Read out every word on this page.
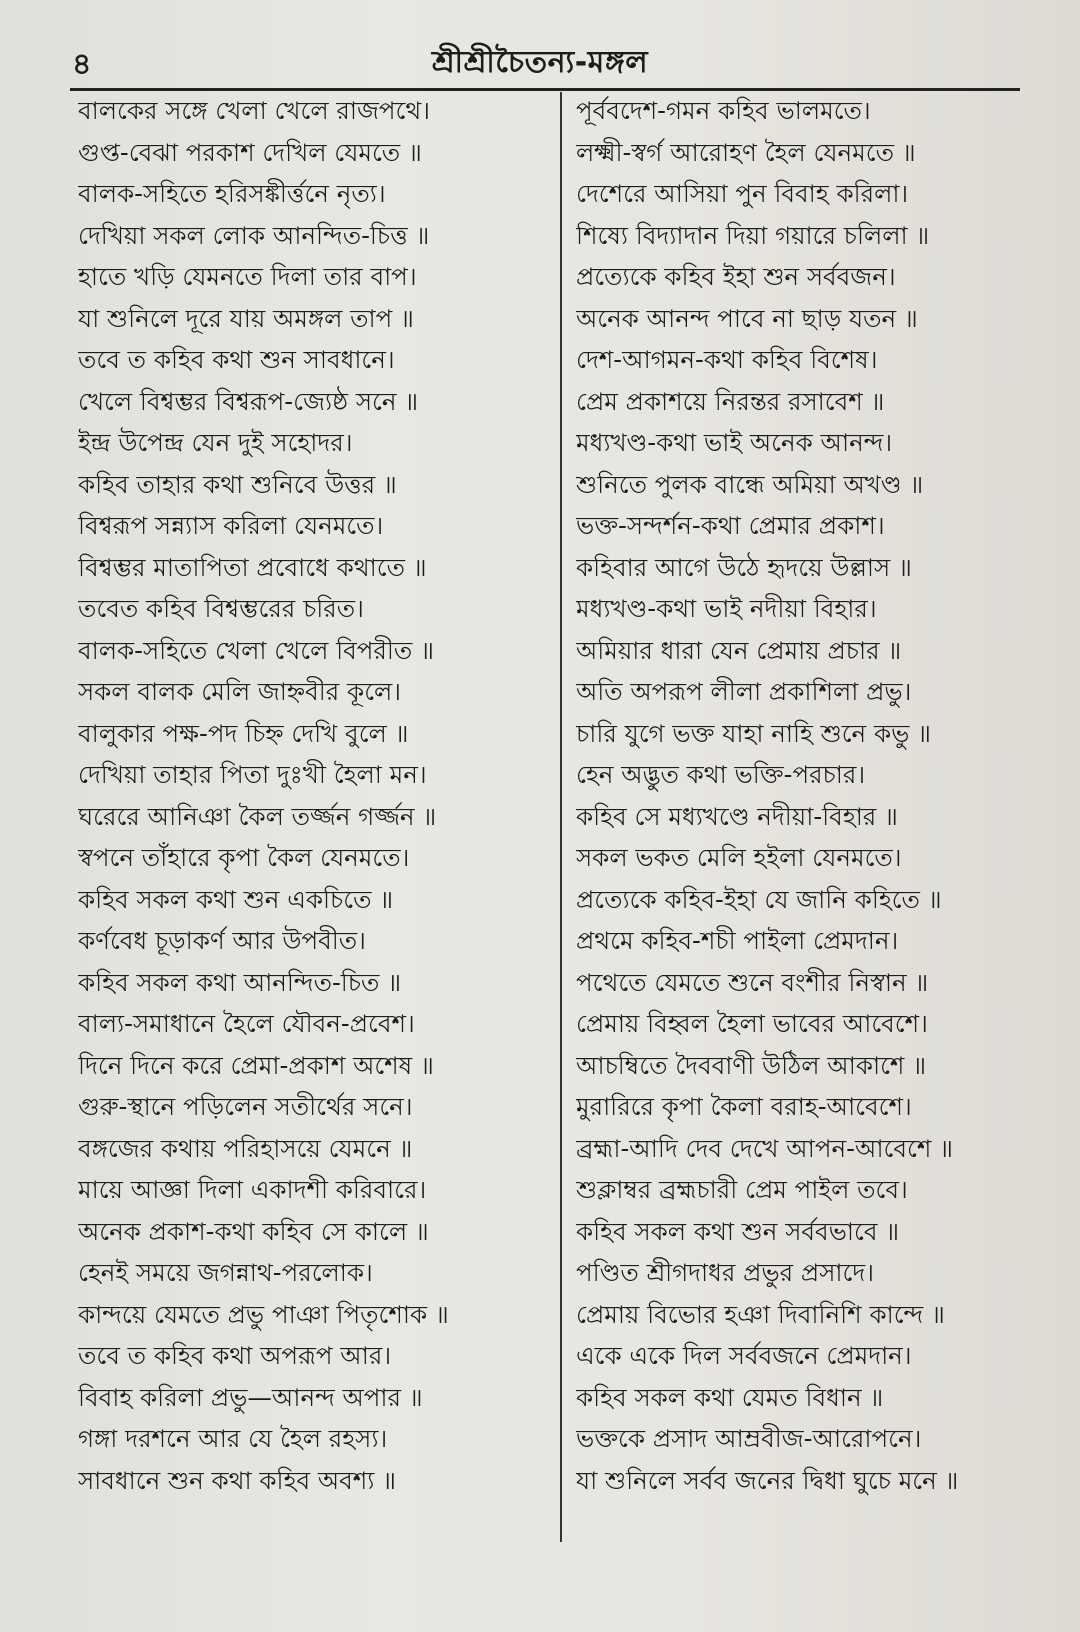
৪	শ্রীশ্রীচৈতন্য-মঙ্গল
বালকের সঙ্গে খেলা খেলে রাজপথে।
গুপ্ত-বেঝা পরকাশ দেখিল যেমতে ॥
বালক-সহিতে হরিসঙ্কীর্ত্তনে নৃত্য।
দেখিয়া সকল লোক আনন্দিত-চিত্ত ॥
হাতে খড়ি যেমনতে দিলা তার বাপ।
যা শুনিলে দূরে যায় অমঙ্গল তাপ ॥
তবে ত কহিব কথা শুন সাবধানে।
খেলে বিশ্বম্ভর বিশ্বরূপ-জ্যেষ্ঠ সনে ॥
ইন্দ্র উপেন্দ্র যেন দুই সহোদর।
কহিব তাহার কথা শুনিবে উত্তর ॥
বিশ্বরূপ সন্ন্যাস করিলা যেনমতে।
বিশ্বম্ভর মাতাপিতা প্রবোধে কথাতে ॥
তবেত কহিব বিশ্বম্ভরের চরিত।
বালক-সহিতে খেলা খেলে বিপরীত ॥
সকল বালক মেলি জাহ্নবীর কূলে।
বালুকার পক্ষ-পদ চিহ্ন দেখি বুলে ॥
দেখিয়া তাহার পিতা দুঃখী হৈলা মন।
ঘরেরে আনিঞা কৈল তর্জ্জন গর্জ্জন ॥
স্বপনে তাঁহারে কৃপা কৈল যেনমতে।
কহিব সকল কথা শুন একচিতে ॥
কর্ণবেধ চূড়াকর্ণ আর উপবীত।
কহিব সকল কথা আনন্দিত-চিত ॥
বাল্য-সমাধানে হৈলে যৌবন-প্রবেশ।
দিনে দিনে করে প্রেমা-প্রকাশ অশেষ ॥
গুরু-স্থানে পড়িলেন সতীর্থের সনে।
বঙ্গজের কথায় পরিহাসয়ে যেমনে ॥
মায়ে আজ্ঞা দিলা একাদশী করিবারে।
অনেক প্রকাশ-কথা কহিব সে কালে ॥
হেনই সময়ে জগন্নাথ-পরলোক।
কান্দয়ে যেমতে প্রভু পাঞা পিতৃশোক ॥
তবে ত কহিব কথা অপরূপ আর।
বিবাহ করিলা প্রভু—আনন্দ অপার ॥
গঙ্গা দরশনে আর যে হৈল রহস্য।
সাবধানে শুন কথা কহিব অবশ্য ॥
পূর্ববদেশ-গমন কহিব ভালমতে।
লক্ষ্মী-স্বর্গ আরোহণ হৈল যেনমতে ॥
দেশেরে আসিয়া পুন বিবাহ করিলা।
শিষ্যে বিদ্যাদান দিয়া গয়ারে চলিলা ॥
প্রত্যেকে কহিব ইহা শুন সর্ববজন।
অনেক আনন্দ পাবে না ছাড় যতন ॥
দেশ-আগমন-কথা কহিব বিশেষ।
প্রেম প্রকাশয়ে নিরন্তর রসাবেশ ॥
মধ্যখণ্ড-কথা ভাই অনেক আনন্দ।
শুনিতে পুলক বান্ধে অমিয়া অখণ্ড ॥
ভক্ত-সন্দর্শন-কথা প্রেমার প্রকাশ।
কহিবার আগে উঠে হৃদয়ে উল্লাস ॥
মধ্যখণ্ড-কথা ভাই নদীয়া বিহার।
অমিয়ার ধারা যেন প্রেমায় প্রচার ॥
অতি অপরূপ লীলা প্রকাশিলা প্রভু।
চারি যুগে ভক্ত যাহা নাহি শুনে কভু ॥
হেন অদ্ভুত কথা ভক্তি-পরচার।
কহিব সে মধ্যখণ্ডে নদীয়া-বিহার ॥
সকল ভকত মেলি হইলা যেনমতে।
প্রত্যেকে কহিব-ইহা যে জানি কহিতে ॥
প্রথমে কহিব-শচী পাইলা প্রেমদান।
পথেতে যেমতে শুনে বংশীর নিস্বান ॥
প্রেমায় বিহ্বল হৈলা ভাবের আবেশে।
আচম্বিতে দৈববাণী উঠিল আকাশে ॥
মুরারিরে কৃপা কৈলা বরাহ-আবেশে।
ব্রহ্মা-আদি দেব দেখে আপন-আবেশে ॥
শুক্লাম্বর ব্রহ্মচারী প্রেম পাইল তবে।
কহিব সকল কথা শুন সর্ববভাবে ॥
পণ্ডিত শ্রীগদাধর প্রভুর প্রসাদে।
প্রেমায় বিভোর হঞা দিবানিশি কান্দে ॥
একে একে দিল সর্ববজনে প্রেমদান।
কহিব সকল কথা যেমত বিধান ॥
ভক্তকে প্রসাদ আম্রবীজ-আরোপনে।
যা শুনিলে সর্বব জনের দ্বিধা ঘুচে মনে ॥
